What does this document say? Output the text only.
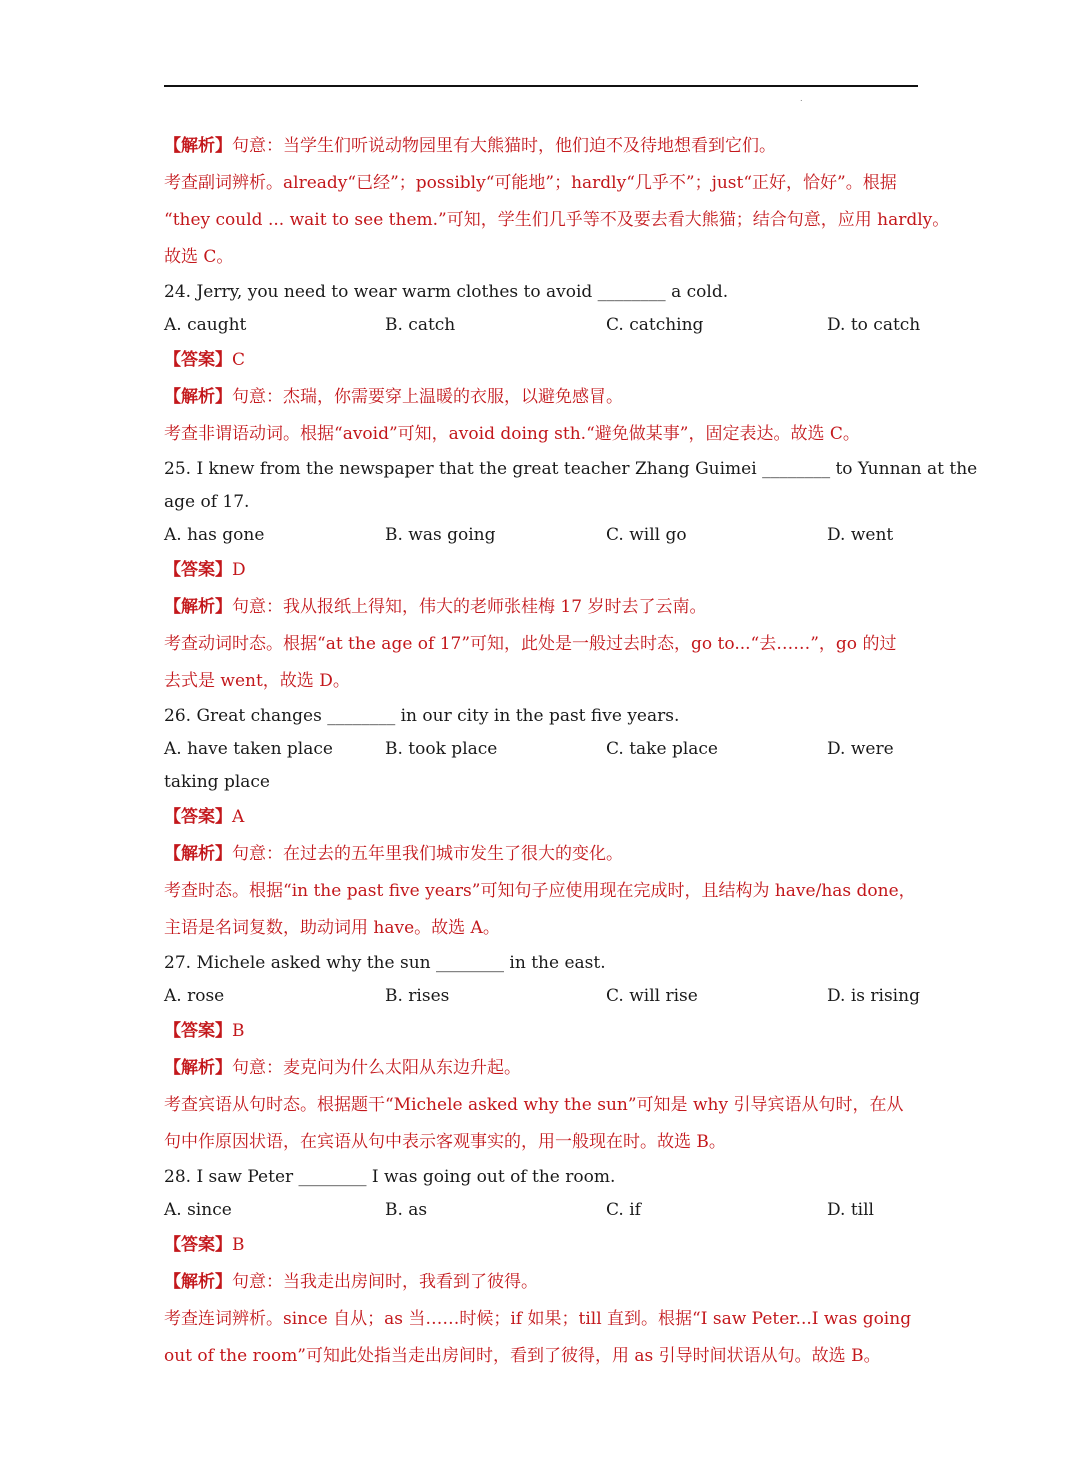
.
【解析】句意：当学生们听说动物园里有大熊猫时，他们迫不及待地想看到它们。
考查副词辨析。already“已经”；possibly“可能地”；hardly“几乎不”；just“正好，恰好”。根据
“they could ... wait to see them.”可知，学生们几乎等不及要去看大熊猫；结合句意，应用 hardly。
故选 C。
24. Jerry, you need to wear warm clothes to avoid ________ a cold.
A. caught	B. catch	C. catching	D. to catch
【答案】C
【解析】句意：杰瑞，你需要穿上温暖的衣服，以避免感冒。
考查非谓语动词。根据“avoid”可知，avoid doing sth.“避免做某事”，固定表达。故选 C。
25. I knew from the newspaper that the great teacher Zhang Guimei ________ to Yunnan at the
age of 17.
A. has gone	B. was going	C. will go	D. went
【答案】D
【解析】句意：我从报纸上得知，伟大的老师张桂梅 17 岁时去了云南。
考查动词时态。根据“at the age of 17”可知，此处是一般过去时态，go to...“去……”，go 的过
去式是 went，故选 D。
26. Great changes ________ in our city in the past five years.
A. have taken place	B. took place	C. take place	D. were
taking place
【答案】A
【解析】句意：在过去的五年里我们城市发生了很大的变化。
考查时态。根据“in the past five years”可知句子应使用现在完成时，且结构为 have/has done，
主语是名词复数，助动词用 have。故选 A。
27. Michele asked why the sun ________ in the east.
A. rose	B. rises	C. will rise	D. is rising
【答案】B
【解析】句意：麦克问为什么太阳从东边升起。
考查宾语从句时态。根据题干“Michele asked why the sun”可知是 why 引导宾语从句时，在从
句中作原因状语，在宾语从句中表示客观事实的，用一般现在时。故选 B。
28. I saw Peter ________ I was going out of the room.
A. since	B. as	C. if	D. till
【答案】B
【解析】句意：当我走出房间时，我看到了彼得。
考查连词辨析。since 自从；as 当……时候；if 如果；till 直到。根据“I saw Peter...I was going
out of the room”可知此处指当走出房间时，看到了彼得，用 as 引导时间状语从句。故选 B。
